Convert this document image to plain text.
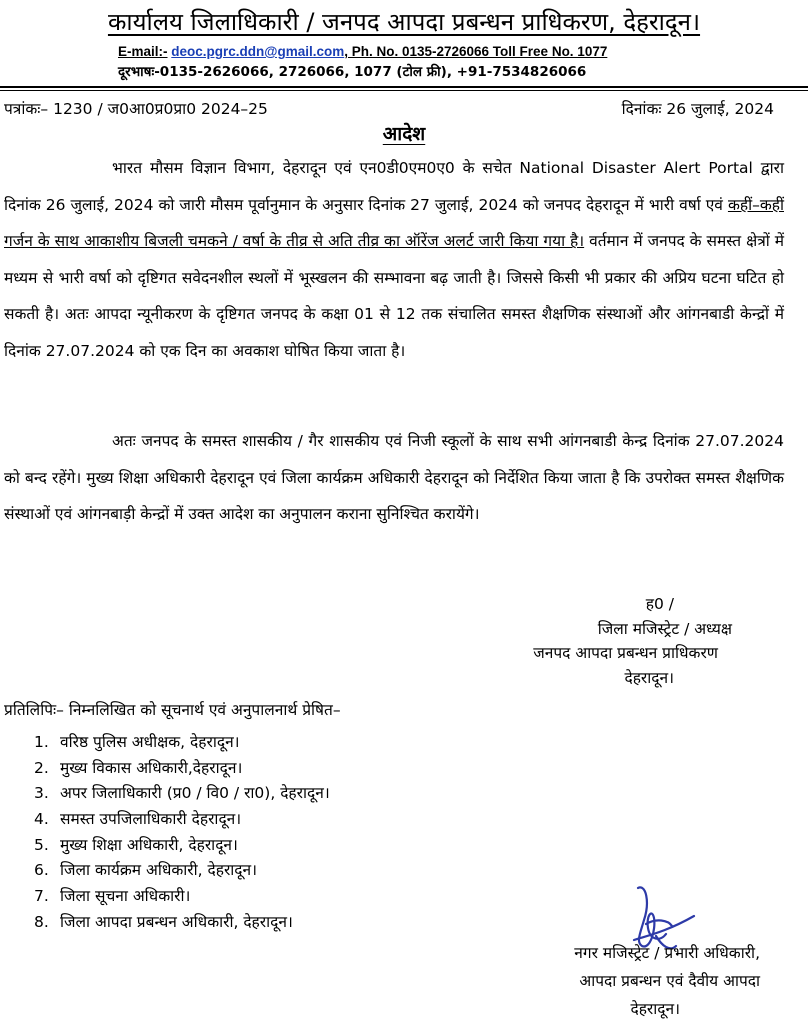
कार्यालय जिलाधिकारी / जनपद आपदा प्रबन्धन प्राधिकरण, देहरादून।
E-mail:- deoc.pgrc.ddn@gmail.com, Ph. No. 0135-2726066 Toll Free No. 1077
दूरभाषः-0135-2626066, 2726066, 1077 (टोल फ्री), +91-7534826066
पत्रांकः– 1230 / ज0आ0प्र0प्रा0 2024–25	दिनांकः 26 जुलाई, 2024
आदेश

भारत मौसम विज्ञान विभाग, देहरादून एवं एन0डी0एम0ए0 के सचेत National Disaster Alert Portal द्वारा दिनांक 26 जुलाई, 2024 को जारी मौसम पूर्वानुमान के अनुसार दिनांक 27 जुलाई, 2024 को जनपद देहरादून में भारी वर्षा एवं कहीं–कहीं गर्जन के साथ आकाशीय बिजली चमकने / वर्षा के तीव्र से अति तीव्र का ऑरेंज अलर्ट जारी किया गया है। वर्तमान में जनपद के समस्त क्षेत्रों में मध्यम से भारी वर्षा को दृष्टिगत सवेदनशील स्थलों में भूस्खलन की सम्भावना बढ़ जाती है। जिससे किसी भी प्रकार की अप्रिय घटना घटित हो सकती है। अतः आपदा न्यूनीकरण के दृष्टिगत जनपद के कक्षा 01 से 12 तक संचालित समस्त शैक्षणिक संस्थाओं और आंगनबाडी केन्द्रों में दिनांक 27.07.2024 को एक दिन का अवकाश घोषित किया जाता है।

अतः जनपद के समस्त शासकीय / गैर शासकीय एवं निजी स्कूलों के साथ सभी आंगनबाडी केन्द्र दिनांक 27.07.2024 को बन्द रहेंगे। मुख्य शिक्षा अधिकारी देहरादून एवं जिला कार्यक्रम अधिकारी देहरादून को निर्देशित किया जाता है कि उपरोक्त समस्त शैक्षणिक संस्थाओं एवं आंगनबाड़ी केन्द्रों में उक्त आदेश का अनुपालन कराना सुनिश्चित करायेंगे।

ह0 /
जिला मजिस्ट्रेट / अध्यक्ष
जनपद आपदा प्रबन्धन प्राधिकरण
देहरादून।
प्रतिलिपिः– निम्नलिखित को सूचनार्थ एवं अनुपालनार्थ प्रेषित–
1. वरिष्ठ पुलिस अधीक्षक, देहरादून।
2. मुख्य विकास अधिकारी,देहरादून।
3. अपर जिलाधिकारी (प्र0 / वि0 / रा0), देहरादून।
4. समस्त उपजिलाधिकारी देहरादून।
5. मुख्य शिक्षा अधिकारी, देहरादून।
6. जिला कार्यक्रम अधिकारी, देहरादून।
7. जिला सूचना अधिकारी।
8. जिला आपदा प्रबन्धन अधिकारी, देहरादून।
नगर मजिस्ट्रेट / प्रभारी अधिकारी,
आपदा प्रबन्धन एवं दैवीय आपदा
देहरादून।
